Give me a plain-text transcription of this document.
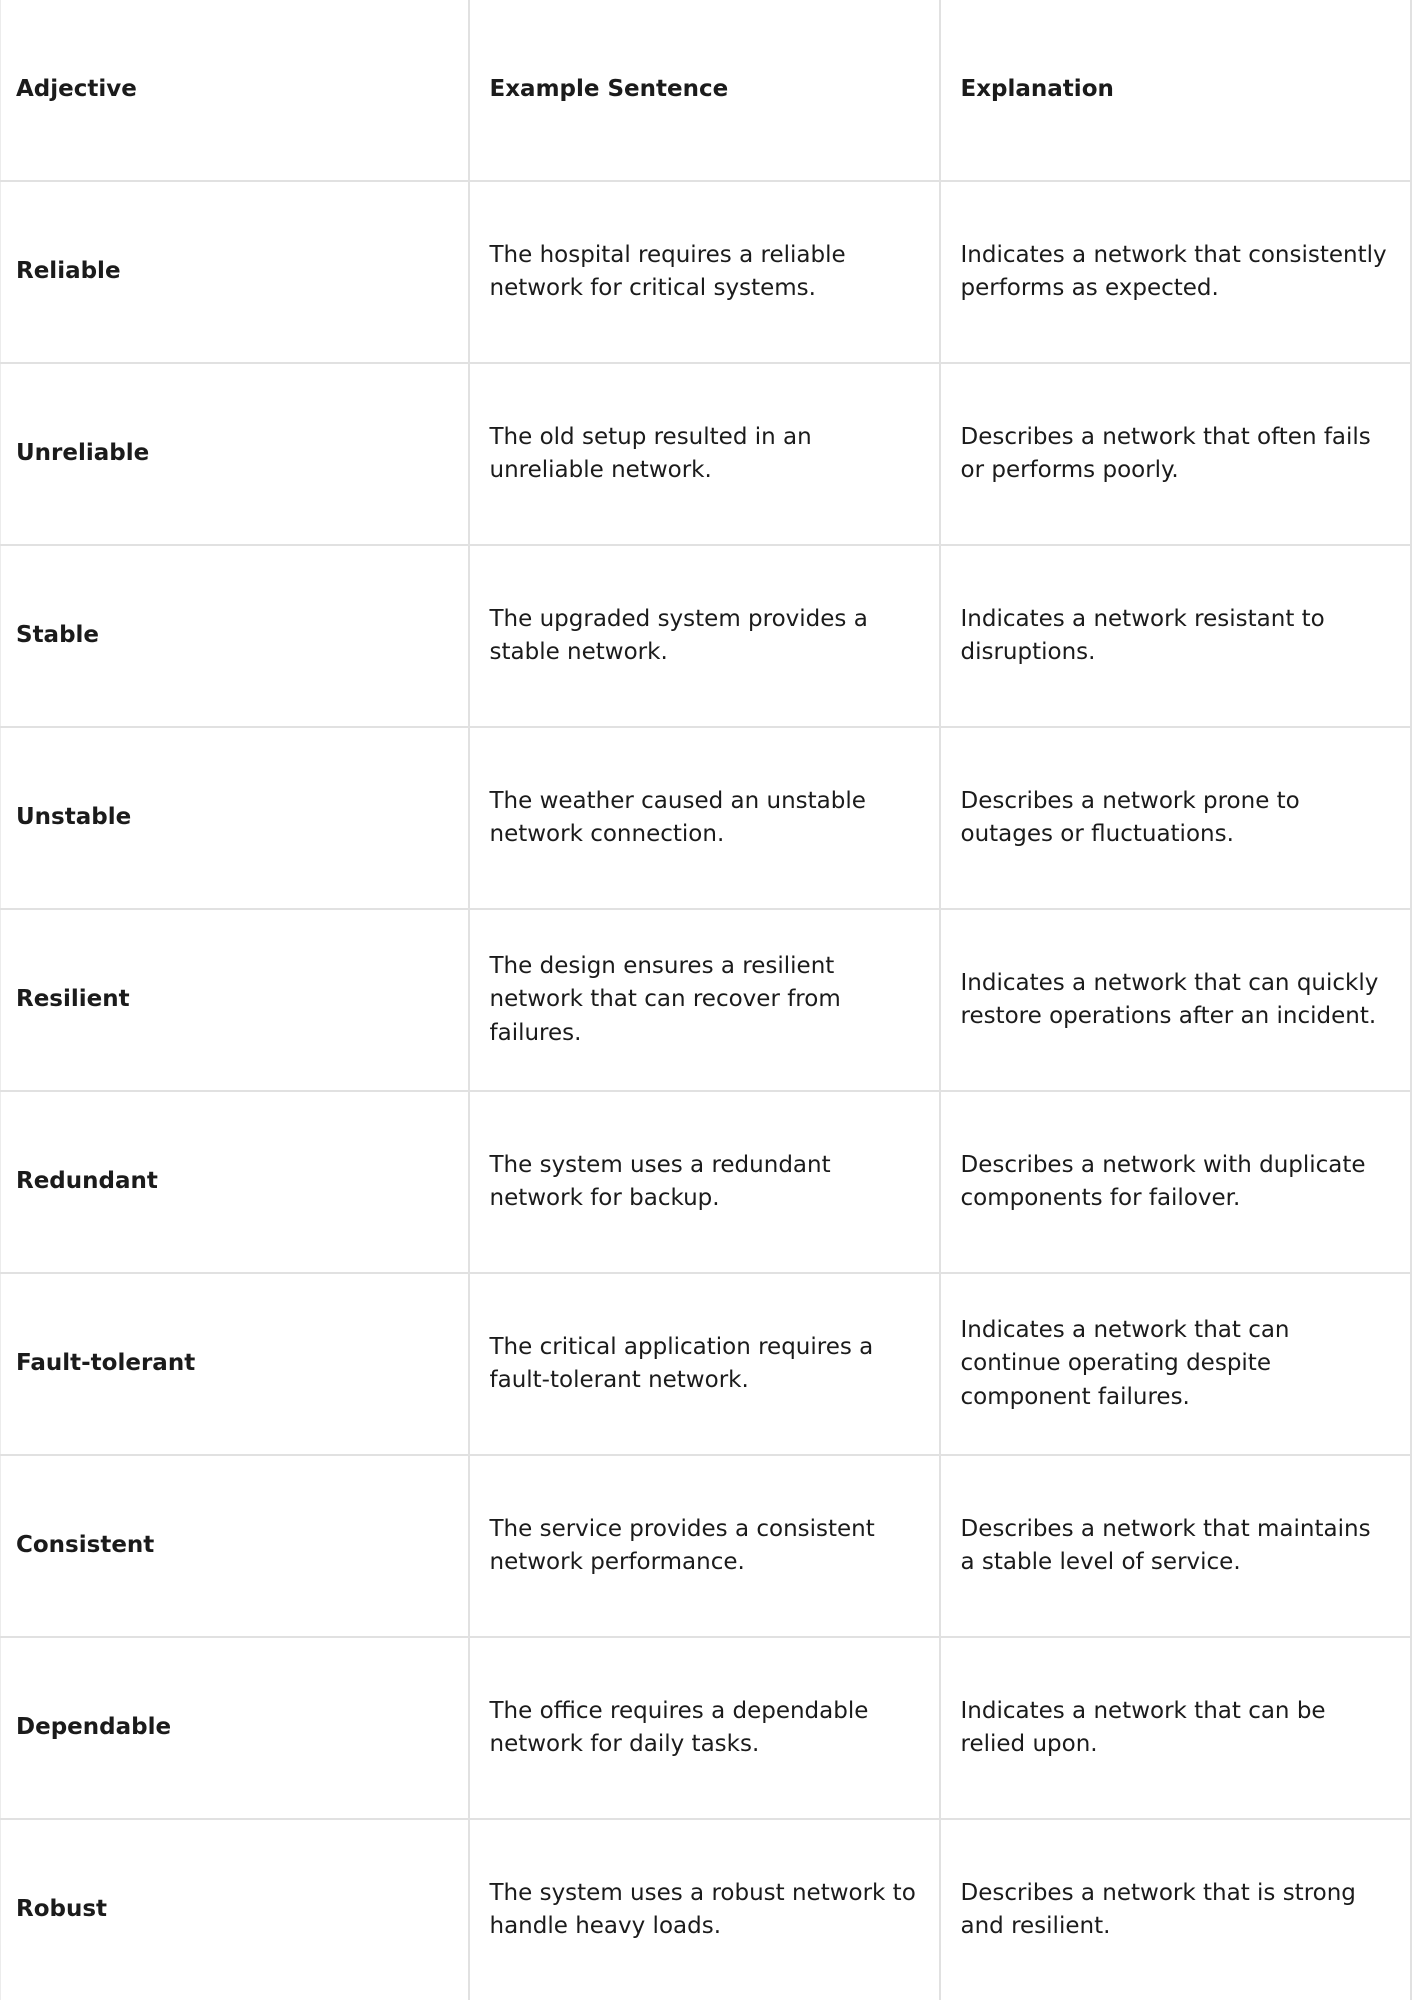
Adjective	Example Sentence	Explanation
Reliable	The hospital requires a reliable network for critical systems.	Indicates a network that consistently performs as expected.
Unreliable	The old setup resulted in an unreliable network.	Describes a network that often fails or performs poorly.
Stable	The upgraded system provides a stable network.	Indicates a network resistant to disruptions.
Unstable	The weather caused an unstable network connection.	Describes a network prone to outages or fluctuations.
Resilient	The design ensures a resilient network that can recover from failures.	Indicates a network that can quickly restore operations after an incident.
Redundant	The system uses a redundant network for backup.	Describes a network with duplicate components for failover.
Fault-tolerant	The critical application requires a fault-tolerant network.	Indicates a network that can continue operating despite component failures.
Consistent	The service provides a consistent network performance.	Describes a network that maintains a stable level of service.
Dependable	The office requires a dependable network for daily tasks.	Indicates a network that can be relied upon.
Robust	The system uses a robust network to handle heavy loads.	Describes a network that is strong and resilient.
